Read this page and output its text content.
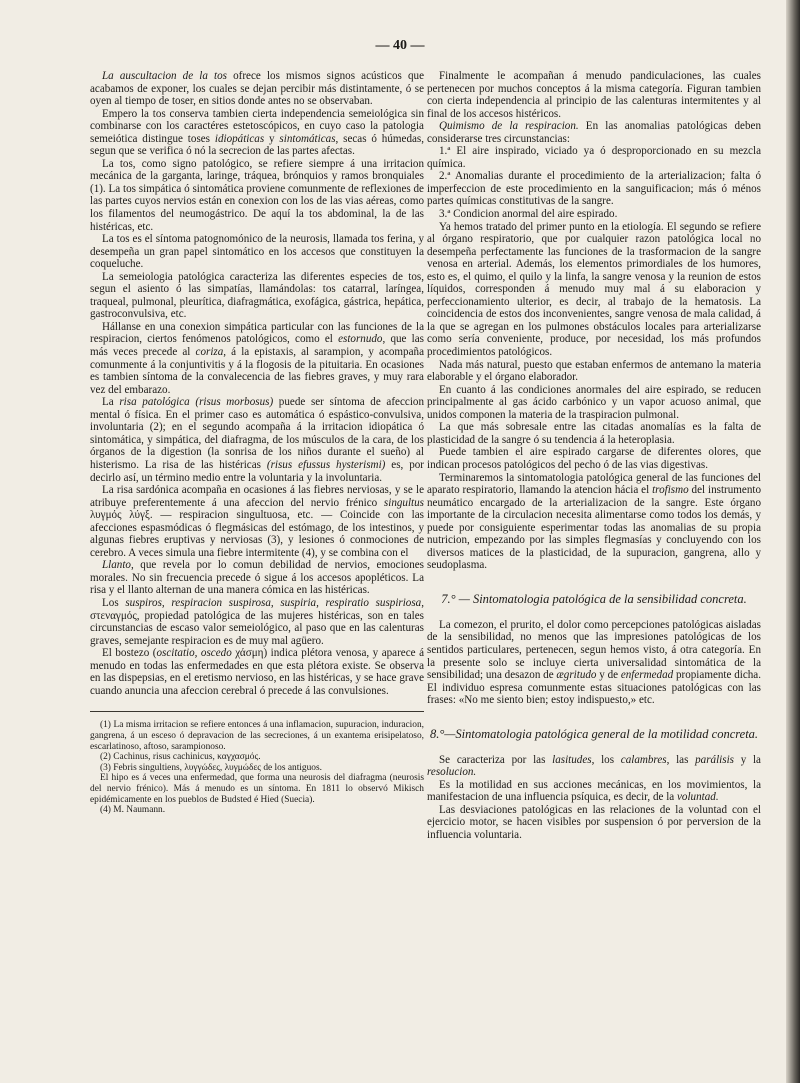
— 40 —

La auscultacion de la tos ofrece los mismos signos acústicos que acabamos de exponer, los cuales se dejan percibir más distintamente, ó se oyen al tiempo de toser, en sitios donde antes no se observaban.

Empero la tos conserva tambien cierta independencia semeiológica sin combinarse con los caractéres estetoscópicos, en cuyo caso la patologia semeiótica distingue toses idiopáticas y sintomáticas, secas ó húmedas, segun que se verifica ó nó la secrecion de las partes afectas.

La tos, como signo patológico, se refiere siempre á una irritacion mecánica de la garganta, laringe, tráquea, brónquios y ramos bronquiales (1). La tos simpática ó sintomática proviene comunmente de reflexiones de las partes cuyos nervios están en conexion con los de las vias aéreas, como los filamentos del neumogástrico. De aquí la tos abdominal, la de las histéricas, etc.

La tos es el síntoma patognomónico de la neurosis, llamada tos ferina, y desempeña un gran papel sintomático en los accesos que constituyen la coqueluche.

La semeiologia patológica caracteriza las diferentes especies de tos, segun el asiento ó las simpatías, llamándolas: tos catarral, laríngea, traqueal, pulmonal, pleurítica, diafragmática, exofágica, gástrica, hepática, gastroconvulsiva, etc.

Hállanse en una conexion simpática particular con las funciones de la respiracion, ciertos fenómenos patológicos, como el estornudo, que las más veces precede al coriza, á la epistaxis, al sarampion, y acompaña comunmente á la conjuntivitis y á la flogosis de la pituitaria. En ocasiones es tambien síntoma de la convalecencia de las fiebres graves, y muy rara vez del embarazo.

La risa patológica (risus morbosus) puede ser síntoma de afeccion mental ó física. En el primer caso es automática ó espástico-convulsiva, involuntaria (2); en el segundo acompaña á la irritacion idiopática ó sintomática, y simpática, del diafragma, de los músculos de la cara, de los órganos de la digestion (la sonrisa de los niños durante el sueño) al histerismo. La risa de las histéricas (risus efussus hysterismi) es, por decirlo así, un término medio entre la voluntaria y la involuntaria.

La risa sardónica acompaña en ocasiones á las fiebres nerviosas, y se le atribuye preferentemente á una afeccion del nervio frénico singultus λυγμός λύγξ. — respiracion singultuosa, etc. — Coincide con las afecciones espasmódicas ó flegmásicas del estómago, de los intestinos, y algunas fiebres eruptivas y nerviosas (3), y lesiones ó conmociones de cerebro. A veces simula una fiebre intermitente (4), y se combina con el

Llanto, que revela por lo comun debilidad de nervios, emociones morales. No sin frecuencia precede ó sigue á los accesos apopléticos. La risa y el llanto alternan de una manera cómica en las histéricas.

Los suspiros, respiracion suspirosa, suspiria, respiratio suspiriosa, στεναγμός, propiedad patológica de las mujeres histéricas, son en tales circunstancias de escaso valor semeiológico, al paso que en las calenturas graves, semejante respiracion es de muy mal agüero.

El bostezo (oscitatio, oscedo χάσμη) indica plétora venosa, y aparece á menudo en todas las enfermedades en que esta plétora existe. Se observa en las dispepsias, en el eretismo nervioso, en las histéricas, y se hace grave cuando anuncia una afeccion cerebral ó precede á las convulsiones.

(1) La misma irritacion se refiere entonces á una inflamacion, supuracion, induracion, gangrena, á un esceso ó depravacion de las secreciones, á un exantema erisipelatoso, escarlatinoso, aftoso, sarampionoso.

(2) Cachinus, risus cachinicus, καγχασμός.

(3) Febris singultiens, λυγγώδες, λυγμώδες de los antiguos.

El hipo es á veces una enfermedad, que forma una neurosis del diafragma (neurosis del nervio frénico). Más á menudo es un síntoma. En 1811 lo observó Mikisch epidémicamente en los pueblos de Budsted é Hied (Suecia).

(4) M. Naumann.

Finalmente le acompañan á menudo pandiculaciones, las cuales pertenecen por muchos conceptos á la misma categoría. Figuran tambien con cierta independencia al principio de las calenturas intermitentes y al final de los accesos histéricos.

Quimismo de la respiracion. En las anomalias patológicas deben considerarse tres circunstancias:

1.ª El aire inspirado, viciado ya ó desproporcionado en su mezcla química.

2.ª Anomalias durante el procedimiento de la arterializacion; falta ó imperfeccion de este procedimiento en la sanguificacion; más ó ménos partes químicas constitutivas de la sangre.

3.ª Condicion anormal del aire espirado.

Ya hemos tratado del primer punto en la etiología. El segundo se refiere al órgano respiratorio, que por cualquier razon patológica local no desempeña perfectamente las funciones de la trasformacion de la sangre venosa en arterial. Además, los elementos primordiales de los humores, esto es, el quimo, el quilo y la linfa, la sangre venosa y la reunion de estos líquidos, corresponden á menudo muy mal á su elaboracion y perfeccionamiento ulterior, es decir, al trabajo de la hematosis. La coincidencia de estos dos inconvenientes, sangre venosa de mala calidad, á la que se agregan en los pulmones obstáculos locales para arterializarse como sería conveniente, produce, por necesidad, los más profundos procedimientos patológicos.

Nada más natural, puesto que estaban enfermos de antemano la materia elaborable y el órgano elaborador.

En cuanto á las condiciones anormales del aire espirado, se reducen principalmente al gas ácido carbónico y un vapor acuoso animal, que unidos componen la materia de la traspiracion pulmonal.

La que más sobresale entre las citadas anomalías es la falta de plasticidad de la sangre ó su tendencia á la heteroplasia.

Puede tambien el aire espirado cargarse de diferentes olores, que indican procesos patológicos del pecho ó de las vias digestivas.

Terminaremos la sintomatologia patológica general de las funciones del aparato respiratorio, llamando la atencion hácia el trofismo del instrumento neumático encargado de la arterializacion de la sangre. Este órgano importante de la circulacion necesita alimentarse como todos los demás, y puede por consiguiente esperimentar todas las anomalias de su propia nutricion, empezando por las simples flegmasías y concluyendo con los diversos matices de la plasticidad, de la supuracion, gangrena, allo y seudoplasma.

7.° — Sintomatologia patológica de la sensibilidad concreta.

La comezon, el prurito, el dolor como percepciones patológicas aisladas de la sensibilidad, no menos que las impresiones patológicas de los sentidos particulares, pertenecen, segun hemos visto, á otra categoría. En la presente solo se incluye cierta universalidad sintomática de la sensibilidad; una desazon de ægritudo y de enfermedad propiamente dicha. El individuo espresa comunmente estas situaciones patológicas con las frases: «No me siento bien; estoy indispuesto,» etc.

8.°—Sintomatologia patológica general de la motilidad concreta.

Se caracteriza por las lasitudes, los calambres, las parálisis y la resolucion.

Es la motilidad en sus acciones mecánicas, en los movimientos, la manifestacion de una influencia psíquica, es decir, de la voluntad.

Las desviaciones patológicas en las relaciones de la voluntad con el ejercicio motor, se hacen visibles por suspension ó por perversion de la influencia voluntaria.
